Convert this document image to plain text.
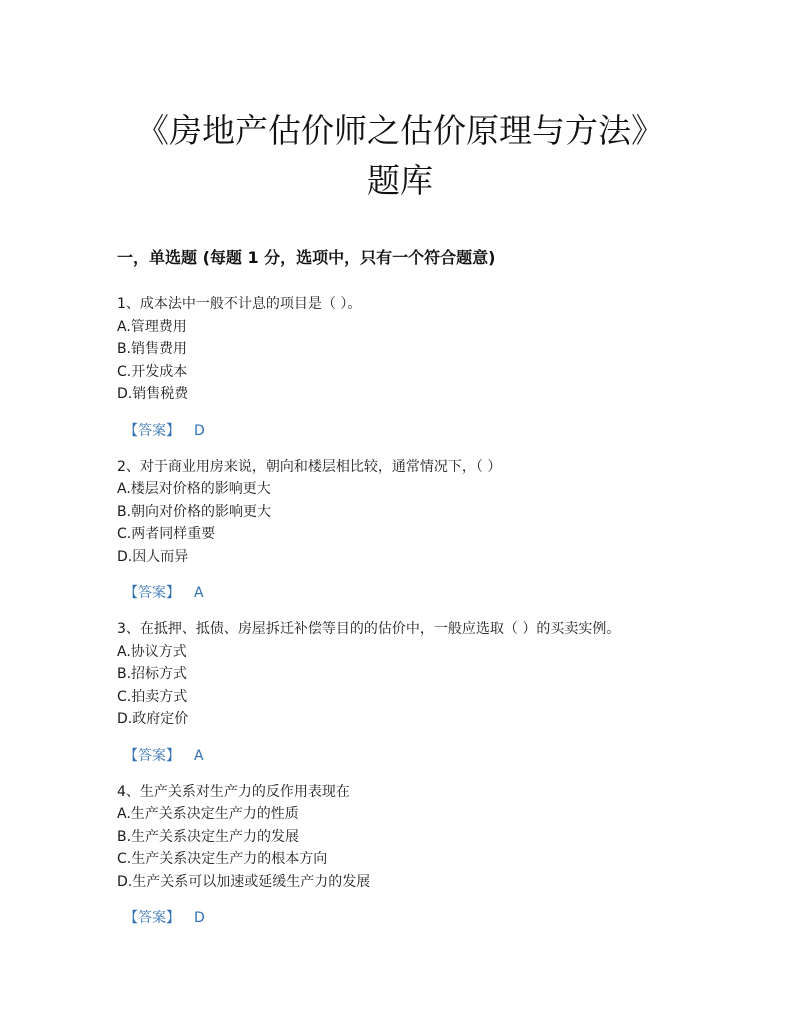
《房地产估价师之估价原理与方法》
题库
一，单选题 (每题 1 分，选项中，只有一个符合题意)
1、成本法中一般不计息的项目是（ ）。
A.管理费用
B.销售费用
C.开发成本
D.销售税费
【答案】 D
2、对于商业用房来说，朝向和楼层相比较，通常情况下，（ ）
A.楼层对价格的影响更大
B.朝向对价格的影响更大
C.两者同样重要
D.因人而异
【答案】 A
3、在抵押、抵债、房屋拆迁补偿等目的的估价中，一般应选取（ ）的买卖实例。
A.协议方式
B.招标方式
C.拍卖方式
D.政府定价
【答案】 A
4、生产关系对生产力的反作用表现在
A.生产关系决定生产力的性质
B.生产关系决定生产力的发展
C.生产关系决定生产力的根本方向
D.生产关系可以加速或延缓生产力的发展
【答案】 D
